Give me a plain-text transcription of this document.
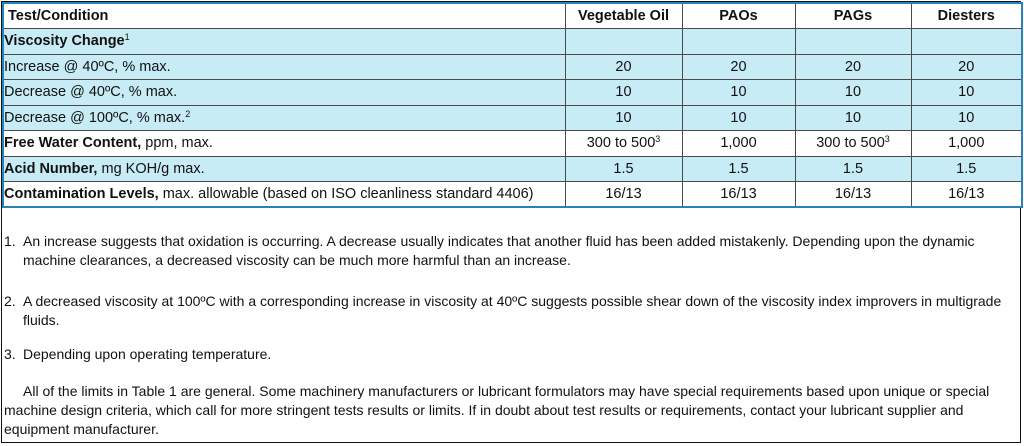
Test/Condition	Vegetable Oil	PAOs	PAGs	Diesters
Viscosity Change$^1$				
Increase @ 40ºC, % max.	20	20	20	20
Decrease @ 40ºC, % max.	10	10	10	10
Decrease @ 100ºC, % max.$^2$	10	10	10	10
Free Water Content, ppm, max.	300 to $500^3$	1,000	300 to $500^3$	1,000
Acid Number, mg KOH/g max.	1.5	1.5	1.5	1.5
Contamination Levels, max. allowable (based on ISO cleanliness standard 4406)	16/13	16/13	16/13	16/13
1. An increase suggests that oxidation is occurring. A decrease usually indicates that another fluid has been added mistakenly. Depending upon the dynamic machine clearances, a decreased viscosity can be much more harmful than an increase.
2. A decreased viscosity at 100ºC with a corresponding increase in viscosity at 40ºC suggests possible shear down of the viscosity index improvers in multigrade fluids.
3. Depending upon operating temperature.
All of the limits in Table 1 are general. Some machinery manufacturers or lubricant formulators may have special requirements based upon unique or special machine design criteria, which call for more stringent tests results or limits. If in doubt about test results or requirements, contact your lubricant supplier and equipment manufacturer.
